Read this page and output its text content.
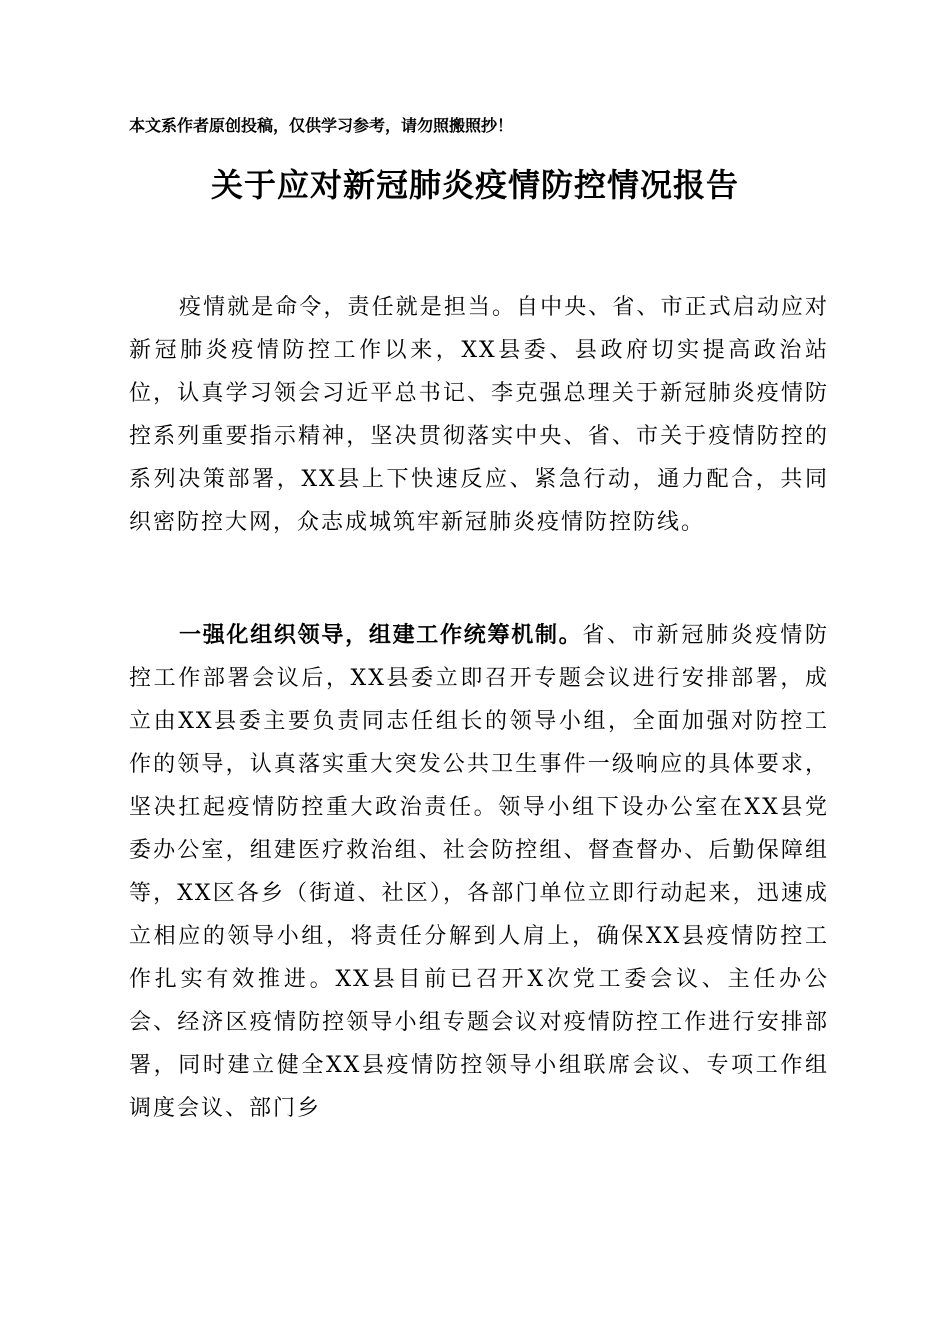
本文系作者原创投稿，仅供学习参考，请勿照搬照抄！
关于应对新冠肺炎疫情防控情况报告

疫情就是命令，责任就是担当。自中央、省、市正式启动应对新冠肺炎疫情防控工作以来，XX县委、县政府切实提高政治站位，认真学习领会习近平总书记、李克强总理关于新冠肺炎疫情防控系列重要指示精神，坚决贯彻落实中央、省、市关于疫情防控的系列决策部署，XX县上下快速反应、紧急行动，通力配合，共同织密防控大网，众志成城筑牢新冠肺炎疫情防控防线。

一强化组织领导，组建工作统筹机制。省、市新冠肺炎疫情防控工作部署会议后，XX县委立即召开专题会议进行安排部署，成立由XX县委主要负责同志任组长的领导小组，全面加强对防控工作的领导，认真落实重大突发公共卫生事件一级响应的具体要求，坚决扛起疫情防控重大政治责任。领导小组下设办公室在XX县党委办公室，组建医疗救治组、社会防控组、督查督办、后勤保障组等，XX区各乡（街道、社区），各部门单位立即行动起来，迅速成立相应的领导小组，将责任分解到人肩上，确保XX县疫情防控工作扎实有效推进。XX县目前已召开X次党工委会议、主任办公会、经济区疫情防控领导小组专题会议对疫情防控工作进行安排部署，同时建立健全XX县疫情防控领导小组联席会议、专项工作组调度会议、部门乡
